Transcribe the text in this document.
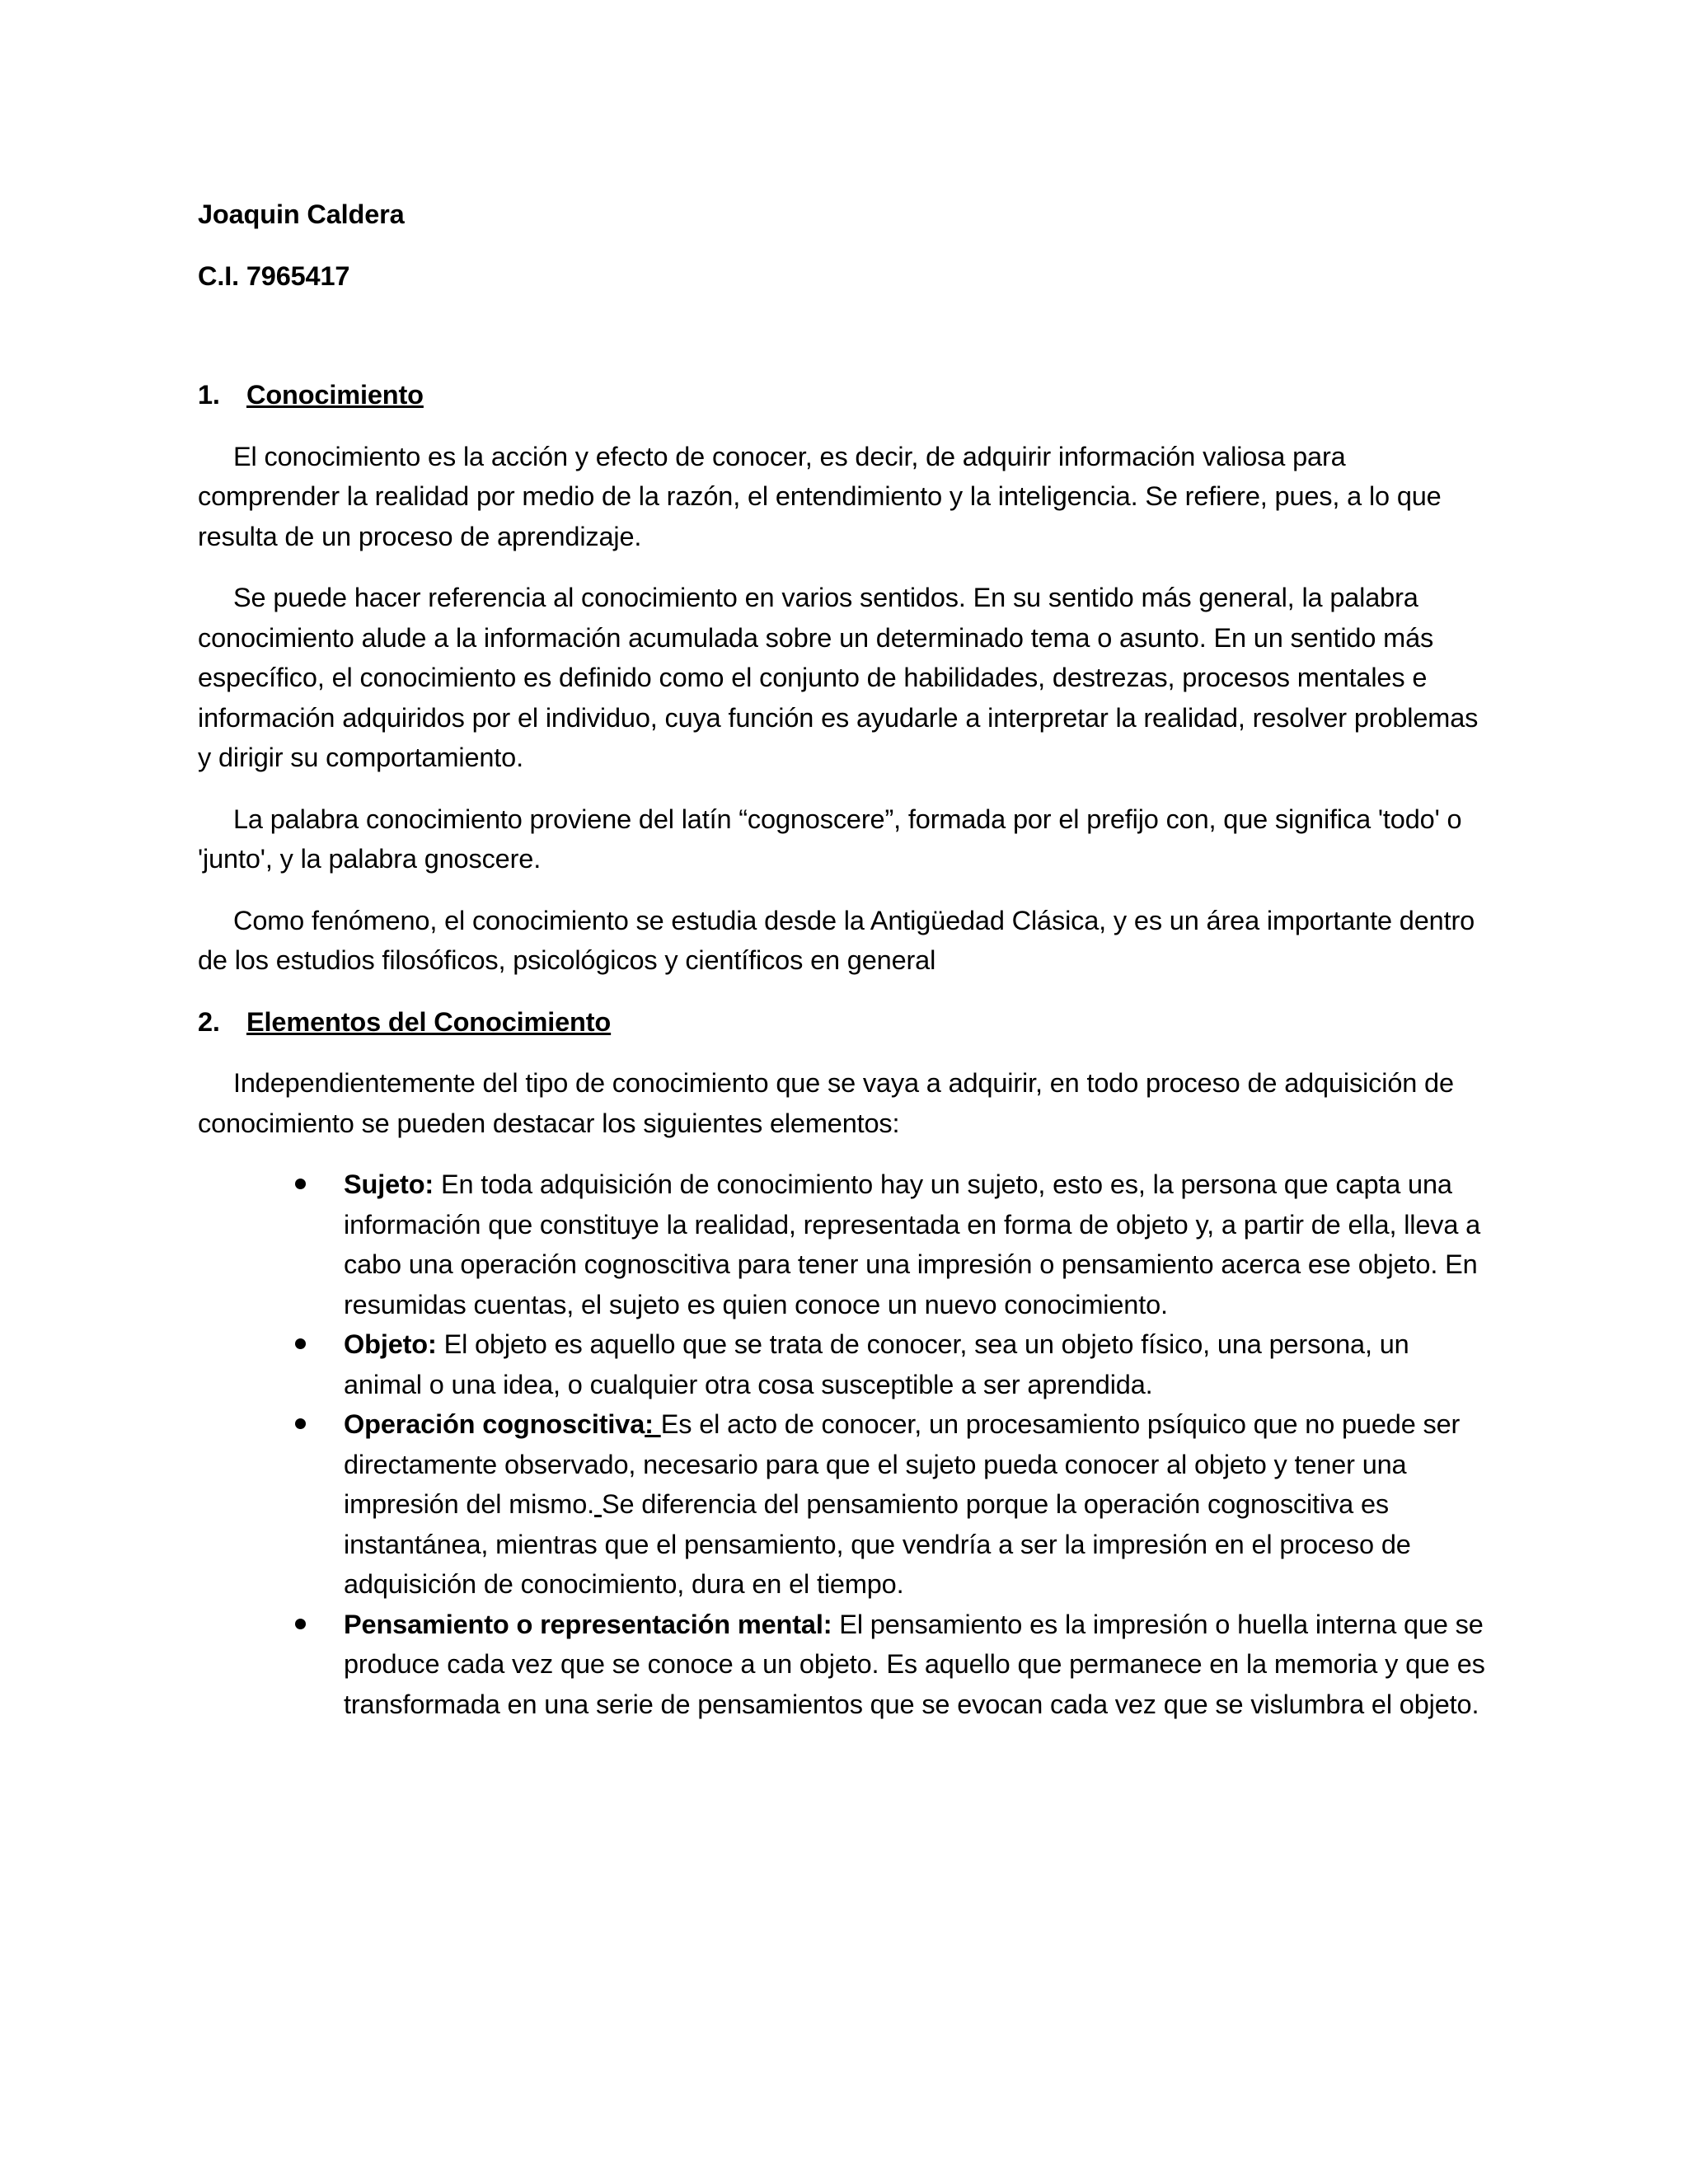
Joaquin Caldera

C.I. 7965417

1. Conocimiento

El conocimiento es la acción y efecto de conocer, es decir, de adquirir información valiosa para comprender la realidad por medio de la razón, el entendimiento y la inteligencia. Se refiere, pues, a lo que resulta de un proceso de aprendizaje.

Se puede hacer referencia al conocimiento en varios sentidos. En su sentido más general, la palabra conocimiento alude a la información acumulada sobre un determinado tema o asunto. En un sentido más específico, el conocimiento es definido como el conjunto de habilidades, destrezas, procesos mentales e información adquiridos por el individuo, cuya función es ayudarle a interpretar la realidad, resolver problemas y dirigir su comportamiento.

La palabra conocimiento proviene del latín “cognoscere”, formada por el prefijo con, que significa 'todo' o 'junto', y la palabra gnoscere.

Como fenómeno, el conocimiento se estudia desde la Antigüedad Clásica, y es un área importante dentro de los estudios filosóficos, psicológicos y científicos en general

2. Elementos del Conocimiento

Independientemente del tipo de conocimiento que se vaya a adquirir, en todo proceso de adquisición de conocimiento se pueden destacar los siguientes elementos:

Sujeto: En toda adquisición de conocimiento hay un sujeto, esto es, la persona que capta una información que constituye la realidad, representada en forma de objeto y, a partir de ella, lleva a cabo una operación cognoscitiva para tener una impresión o pensamiento acerca ese objeto. En resumidas cuentas, el sujeto es quien conoce un nuevo conocimiento.
Objeto: El objeto es aquello que se trata de conocer, sea un objeto físico, una persona, un animal o una idea, o cualquier otra cosa susceptible a ser aprendida.
Operación cognoscitiva: Es el acto de conocer, un procesamiento psíquico que no puede ser directamente observado, necesario para que el sujeto pueda conocer al objeto y tener una impresión del mismo. Se diferencia del pensamiento porque la operación cognoscitiva es instantánea, mientras que el pensamiento, que vendría a ser la impresión en el proceso de adquisición de conocimiento, dura en el tiempo.
Pensamiento o representación mental: El pensamiento es la impresión o huella interna que se produce cada vez que se conoce a un objeto. Es aquello que permanece en la memoria y que es transformada en una serie de pensamientos que se evocan cada vez que se vislumbra el objeto.
